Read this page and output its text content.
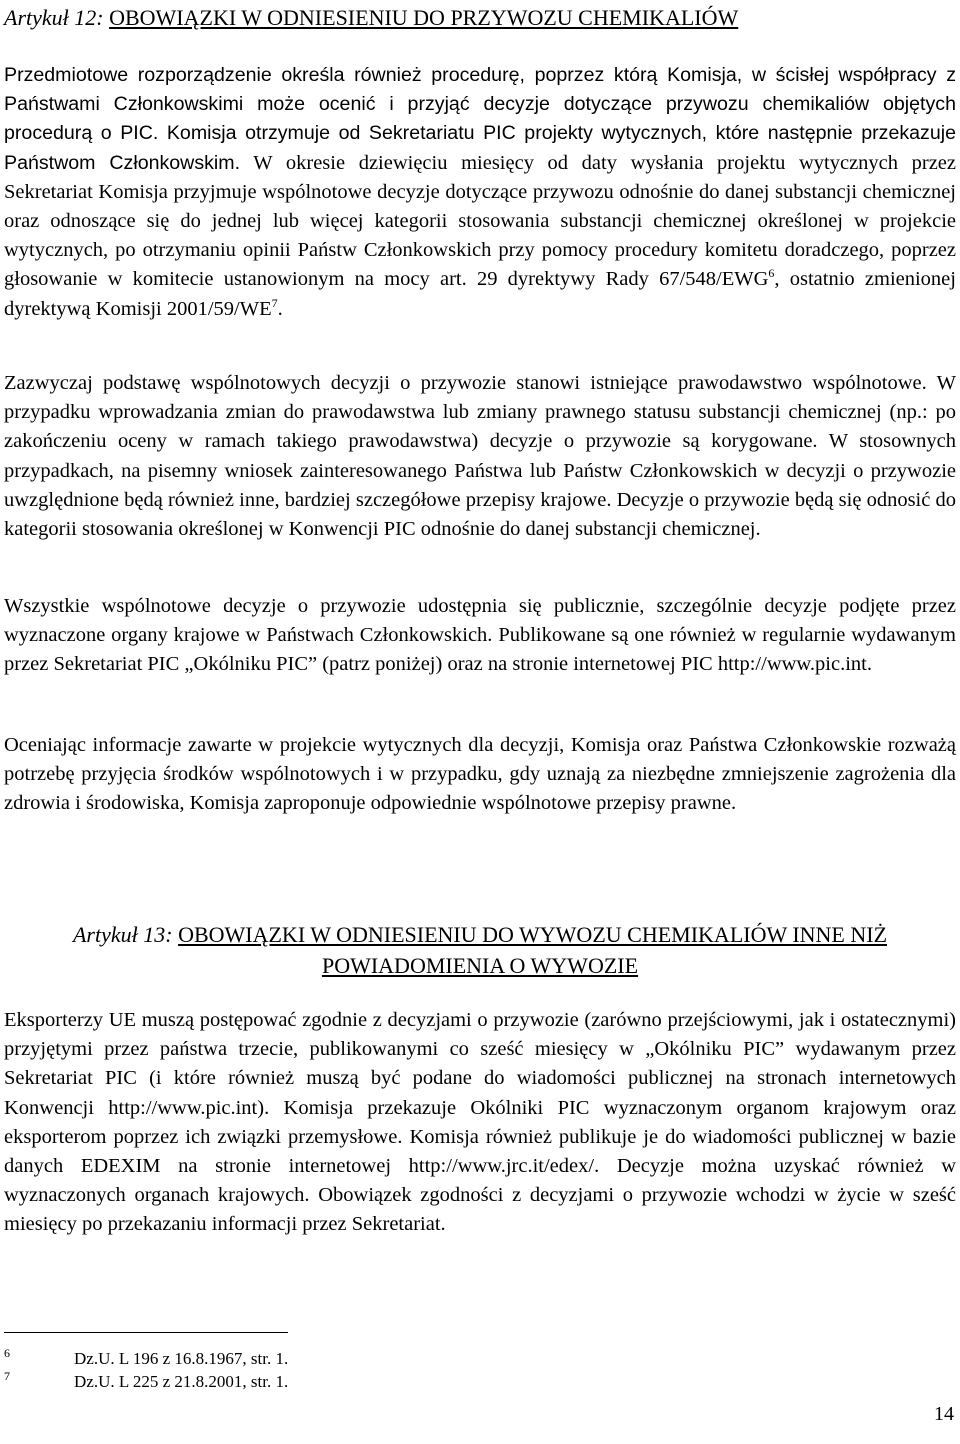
Artykuł 12: OBOWIĄZKI W ODNIESIENIU DO PRZYWOZU CHEMIKALIÓW

Przedmiotowe rozporządzenie określa również procedurę, poprzez którą Komisja, w ścisłej współpracy z Państwami Członkowskimi może ocenić i przyjąć decyzje dotyczące przywozu chemikaliów objętych procedurą o PIC. Komisja otrzymuje od Sekretariatu PIC projekty wytycznych, które następnie przekazuje Państwom Członkowskim. W okresie dziewięciu miesięcy od daty wysłania projektu wytycznych przez Sekretariat Komisja przyjmuje wspólnotowe decyzje dotyczące przywozu odnośnie do danej substancji chemicznej oraz odnoszące się do jednej lub więcej kategorii stosowania substancji chemicznej określonej w projekcie wytycznych, po otrzymaniu opinii Państw Członkowskich przy pomocy procedury komitetu doradczego, poprzez głosowanie w komitecie ustanowionym na mocy art. 29 dyrektywy Rady 67/548/EWG$^6$, ostatnio zmienionej dyrektywą Komisji $2001/59/WE^7$.

Zazwyczaj podstawę wspólnotowych decyzji o przywozie stanowi istniejące prawodawstwo wspólnotowe. W przypadku wprowadzania zmian do prawodawstwa lub zmiany prawnego statusu substancji chemicznej (np.: po zakończeniu oceny w ramach takiego prawodawstwa) decyzje o przywozie są korygowane. W stosownych przypadkach, na pisemny wniosek zainteresowanego Państwa lub Państw Członkowskich w decyzji o przywozie uwzględnione będą również inne, bardziej szczegółowe przepisy krajowe. Decyzje o przywozie będą się odnosić do kategorii stosowania określonej w Konwencji PIC odnośnie do danej substancji chemicznej.

Wszystkie wspólnotowe decyzje o przywozie udostępnia się publicznie, szczególnie decyzje podjęte przez wyznaczone organy krajowe w Państwach Członkowskich. Publikowane są one również w regularnie wydawanym przez Sekretariat PIC „Okólniku PIC” (patrz poniżej) oraz na stronie internetowej PIC http://www.pic.int.

Oceniając informacje zawarte w projekcie wytycznych dla decyzji, Komisja oraz Państwa Członkowskie rozważą potrzebę przyjęcia środków wspólnotowych i w przypadku, gdy uznają za niezbędne zmniejszenie zagrożenia dla zdrowia i środowiska, Komisja zaproponuje odpowiednie wspólnotowe przepisy prawne.

Artykuł 13: OBOWIĄZKI W ODNIESIENIU DO WYWOZU CHEMIKALIÓW INNE NIŻ
POWIADOMIENIA O WYWOZIE

Eksporterzy UE muszą postępować zgodnie z decyzjami o przywozie (zarówno przejściowymi, jak i ostatecznymi) przyjętymi przez państwa trzecie, publikowanymi co sześć miesięcy w „Okólniku PIC” wydawanym przez Sekretariat PIC (i które również muszą być podane do wiadomości publicznej na stronach internetowych Konwencji http://www.pic.int). Komisja przekazuje Okólniki PIC wyznaczonym organom krajowym oraz eksporterom poprzez ich związki przemysłowe. Komisja również publikuje je do wiadomości publicznej w bazie danych EDEXIM na stronie internetowej http://www.jrc.it/edex/. Decyzje można uzyskać również w wyznaczonych organach krajowych. Obowiązek zgodności z decyzjami o przywozie wchodzi w życie w sześć miesięcy po przekazaniu informacji przez Sekretariat.

6	Dz.U. L 196 z 16.8.1967, str. 1.
7	Dz.U. L 225 z 21.8.2001, str. 1.
14
